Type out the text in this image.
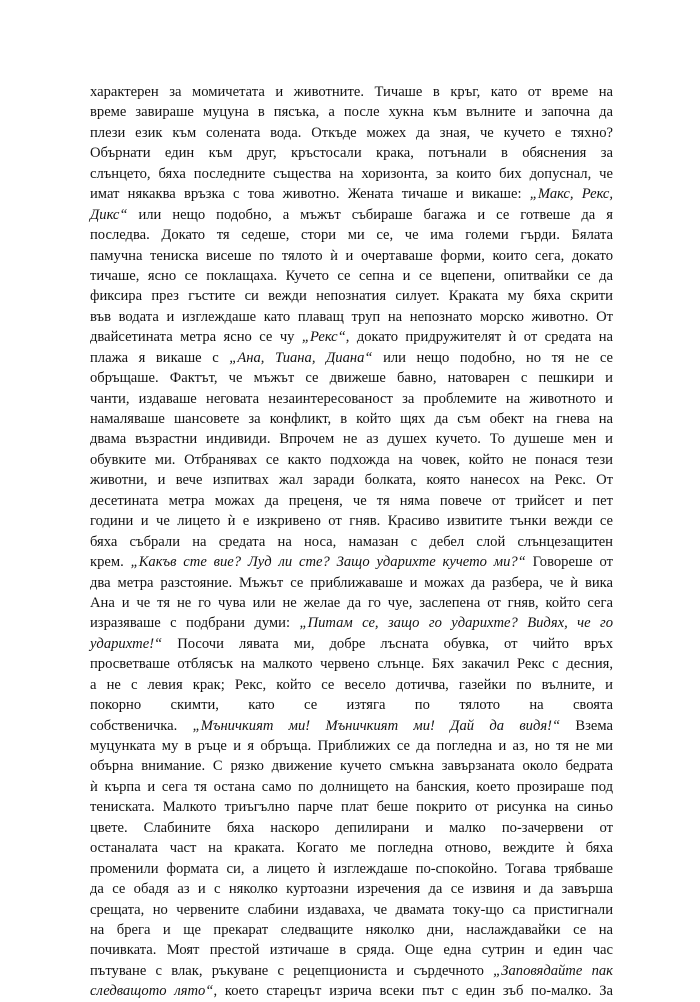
характерен за момичетата и животните. Тичаше в кръг, като от време на
време завираше муцуна в пясъка, а после хукна към вълните и започна да
плези език към солената вода. Откъде можех да зная, че кучето е тяхно?
Обърнати един към друг, кръстосали крака, потънали в обяснения за
слънцето, бяха последните същества на хоризонта, за които бих допуснал, че
имат някаква връзка с това животно. Жената тичаше и викаше: „Макс, Рекс,
Дикс“ или нещо подобно, а мъжът събираше багажа и се готвеше да я
последва. Докато тя седеше, стори ми се, че има големи гърди. Бялата
памучна тениска висеше по тялото ѝ и очертаваше форми, които сега, докато
тичаше, ясно се поклащаха. Кучето се сепна и се вцепени, опитвайки се да
фиксира през гъстите си вежди непознатия силует. Краката му бяха скрити
във водата и изглеждаше като плаващ труп на непознато морско животно. От
двайсетината метра ясно се чу „Рекс“, докато придружителят ѝ от средата на
плажа я викаше с „Ана, Тиана, Диана“ или нещо подобно, но тя не се
обръщаше. Фактът, че мъжът се движеше бавно, натоварен с пешкири и
чанти, издаваше неговата незаинтересованост за проблемите на животното и
намаляваше шансовете за конфликт, в който щях да съм обект на гнева на
двама възрастни индивиди. Впрочем не аз душех кучето. То душеше мен и
обувките ми. Отбранявах се както подхожда на човек, който не понася тези
животни, и вече изпитвах жал заради болката, която нанесох на Рекс. От
десетината метра можах да преценя, че тя няма повече от трийсет и пет
години и че лицето ѝ е изкривено от гняв. Красиво извитите тънки вежди се
бяха събрали на средата на носа, намазан с дебел слой слънцезащитен
крем. „Какъв сте вие? Луд ли сте? Защо ударихте кучето ми?“ Говореше от
два метра разстояние. Мъжът се приближаваше и можах да разбера, че ѝ вика
Ана и че тя не го чува или не желае да го чуе, заслепена от гняв, който сега
изразяваше с подбрани думи: „Питам се, защо го ударихте? Видях, че го
ударихте!“ Посочи лявата ми, добре лъсната обувка, от чийто връх
просветваше отблясък на малкото червено слънце. Бях закачил Рекс с десния,
а не с левия крак; Рекс, който се весело дотичва, газейки по вълните, и
покорно скимти, като се изтяга по тялото на своята
собственичка. „Мъничкият ми! Мъничкият ми! Дай да видя!“ Взема
муцунката му в ръце и я обръща. Приближих се да погледна и аз, но тя не ми
обърна внимание. С рязко движение кучето смъкна завързаната около бедрата
ѝ кърпа и сега тя остана само по долнището на банския, което прозираше под
тениската. Малкото триъгълно парче плат беше покрито от рисунка на синьо
цвете. Слабините бяха наскоро депилирани и малко по-зачервени от
останалата част на краката. Когато ме погледна отново, веждите ѝ бяха
променили формата си, а лицето ѝ изглеждаше по-спокойно. Тогава трябваше
да се обадя аз и с няколко куртоазни изречения да се извиня и да завърша
срещата, но червените слабини издаваха, че двамата току-що са пристигнали
на брега и ще прекарат следващите няколко дни, наслаждавайки се на
почивката. Моят престой изтичаше в сряда. Още една сутрин и един час
пътуване с влак, ръкуване с рецепциониста и сърдечното „Заповядайте пак
следващото лято“, което старецът изрича всеки път с един зъб по-малко. За
